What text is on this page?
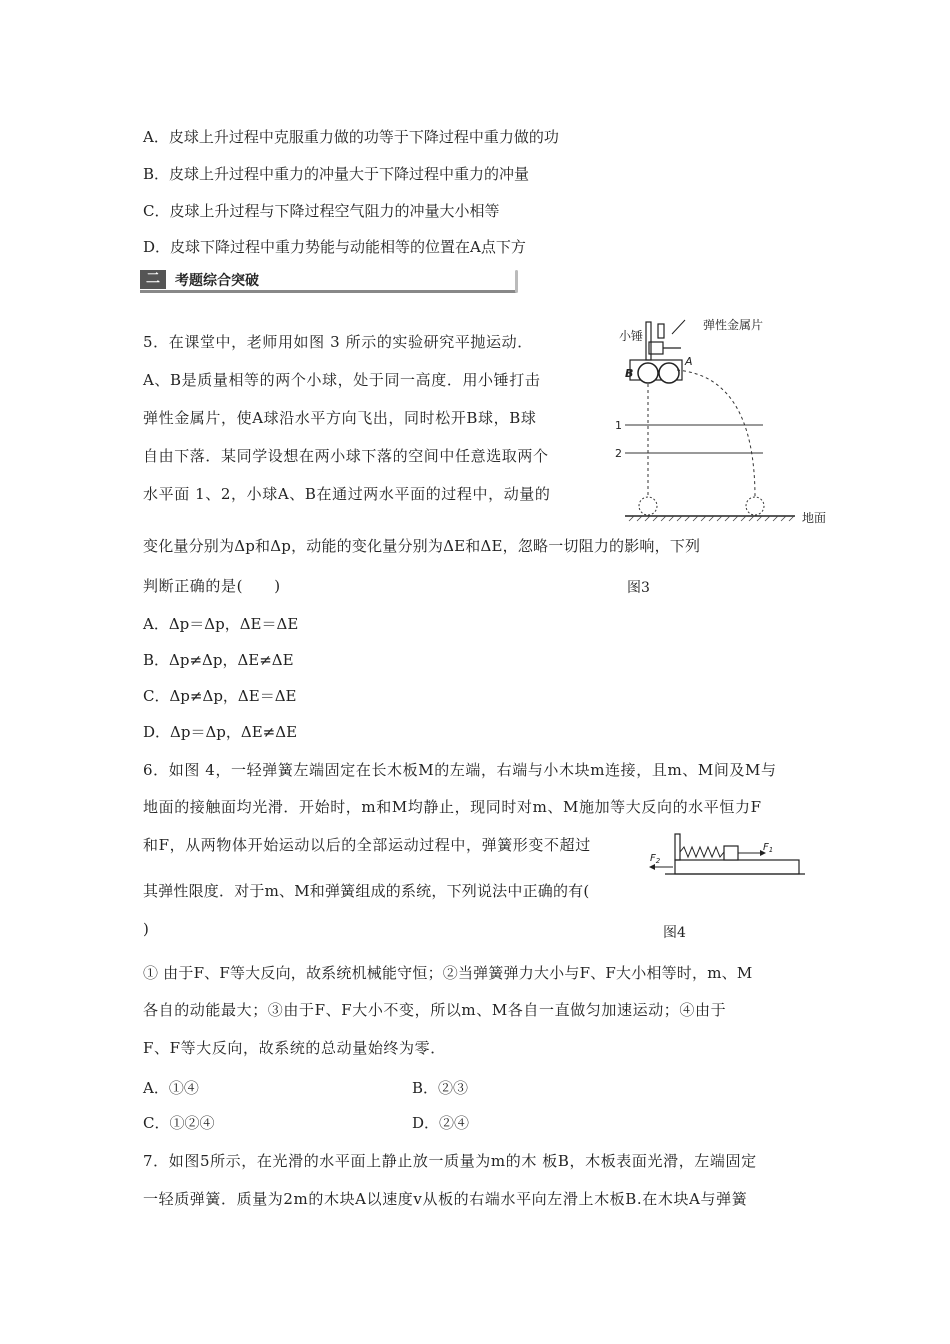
A．皮球上升过程中克服重力做的功等于下降过程中重力做的功
B．皮球上升过程中重力的冲量大于下降过程中重力的冲量
C．皮球上升过程与下降过程空气阻力的冲量大小相等
D．皮球下降过程中重力势能与动能相等的位置在A点下方
二	考题综合突破
5．在课堂中，老师用如图 3 所示的实验研究平抛运动．
A、B是质量相等的两个小球，处于同一高度．用小锤打击
弹性金属片，使A球沿水平方向飞出，同时松开B球，B球
自由下落．某同学设想在两小球下落的空间中任意选取两个
水平面 1、2，小球A、B在通过两水平面的过程中，动量的
变化量分别为Δp和Δp，动能的变化量分别为ΔE和ΔE，忽略一切阻力的影响，下列
判断正确的是(　　)
A．Δp＝Δp，ΔE＝ΔE
B．Δp≠Δp，ΔE≠ΔE
C．Δp≠Δp，ΔE＝ΔE
D．Δp＝Δp，ΔE≠ΔE
小锤
弹性金属片
A
B
1
2
地面
图3
6．如图 4，一轻弹簧左端固定在长木板M的左端，右端与小木块m连接，且m、M间及M与
地面的接触面均光滑．开始时，m和M均静止，现同时对m、M施加等大反向的水平恒力F
和F，从两物体开始运动以后的全部运动过程中，弹簧形变不超过
其弹性限度．对于m、M和弹簧组成的系统，下列说法中正确的有(
)
① 由于F、F等大反向，故系统机械能守恒；②当弹簧弹力大小与F、F大小相等时，m、M
各自的动能最大；③由于F、F大小不变，所以m、M各自一直做匀加速运动；④由于
F、F等大反向，故系统的总动量始终为零．
A．①④	B．②③
C．①②④	D．②④
$F_1$
$F_2$
图4
7．如图5所示，在光滑的水平面上静止放一质量为m的木 板B，木板表面光滑，左端固定
一轻质弹簧．质量为2m的木块A以速度v从板的右端水平向左滑上木板B.在木块A与弹簧
